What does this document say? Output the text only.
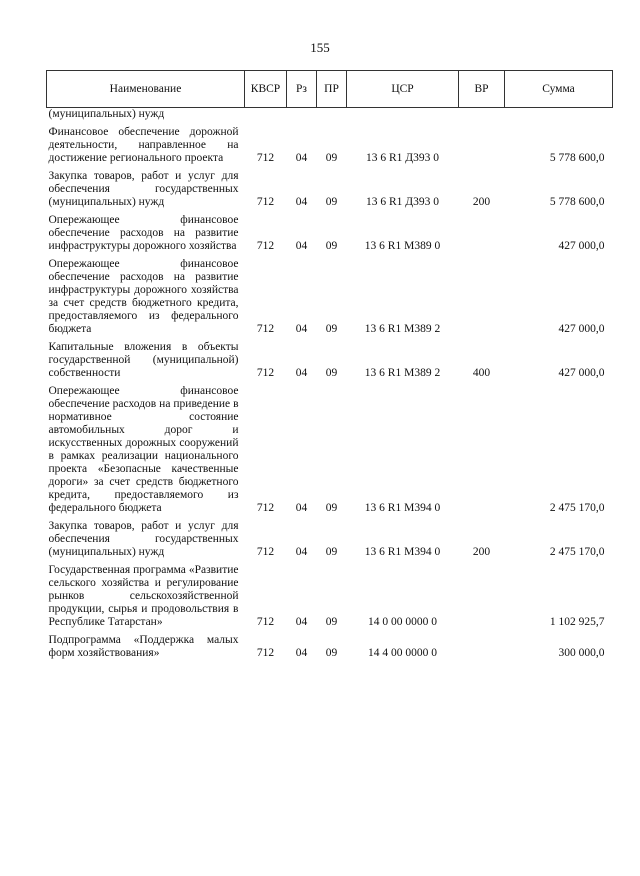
155
Наименование	КВСР	Рз	ПР	ЦСР	ВР	Сумма
(муниципальных) нужд						
Финансовое обеспечение дорожной деятельности, направленное на достижение регионального проекта	712	04	09	13 6 R1 Д393 0		5 778 600,0
Закупка товаров, работ и услуг для обеспечения государственных (муниципальных) нужд	712	04	09	13 6 R1 Д393 0	200	5 778 600,0
Опережающее финансовое обеспечение расходов на развитие инфраструктуры дорожного хозяйства	712	04	09	13 6 R1 М389 0		427 000,0
Опережающее финансовое обеспечение расходов на развитие инфраструктуры дорожного хозяйства за счет средств бюджетного кредита, предоставляемого из федерального бюджета	712	04	09	13 6 R1 М389 2		427 000,0
Капитальные вложения в объекты государственной (муниципальной) собственности	712	04	09	13 6 R1 М389 2	400	427 000,0
Опережающее финансовое обеспечение расходов на приведение в нормативное состояние автомобильных дорог и искусственных дорожных сооружений в рамках реализации национального проекта «Безопасные качественные дороги» за счет средств бюджетного кредита, предоставляемого из федерального бюджета	712	04	09	13 6 R1 М394 0		2 475 170,0
Закупка товаров, работ и услуг для обеспечения государственных (муниципальных) нужд	712	04	09	13 6 R1 М394 0	200	2 475 170,0
Государственная программа «Развитие сельского хозяйства и регулирование рынков сельскохозяйственной продукции, сырья и продовольствия в Республике Татарстан»	712	04	09	14 0 00 0000 0		1 102 925,7
Подпрограмма «Поддержка малых форм хозяйствования»	712	04	09	14 4 00 0000 0		300 000,0
